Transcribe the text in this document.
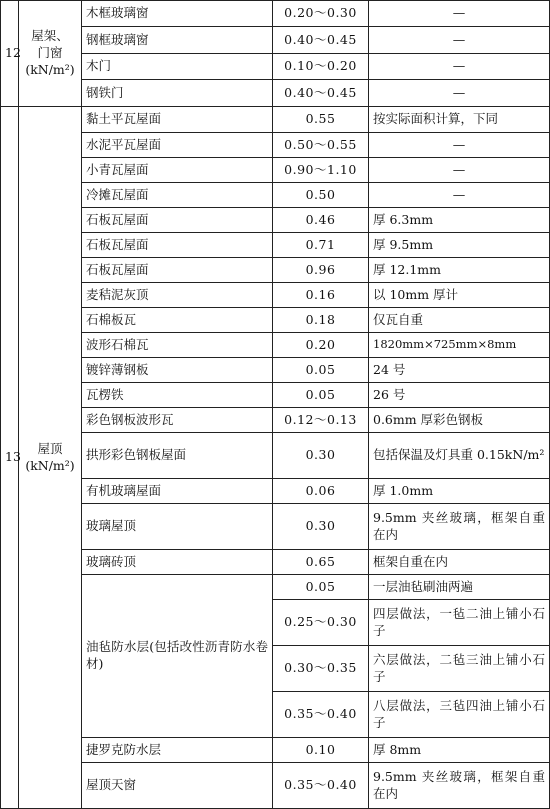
12	屋架、
门窗
(kN/m²)	木框玻璃窗	0.20～0.30	—
		钢框玻璃窗	0.40～0.45	—
		木门	0.10～0.20	—
		钢铁门	0.40～0.45	—
13	屋顶
(kN/m²)	黏土平瓦屋面	0.55	按实际面积计算，下同
		水泥平瓦屋面	0.50～0.55	—
		小青瓦屋面	0.90～1.10	—
		冷摊瓦屋面	0.50	—
		石板瓦屋面	0.46	厚 6.3mm
		石板瓦屋面	0.71	厚 9.5mm
		石板瓦屋面	0.96	厚 12.1mm
		麦秸泥灰顶	0.16	以 10mm 厚计
		石棉板瓦	0.18	仅瓦自重
		波形石棉瓦	0.20	1820mm×725mm×8mm
		镀锌薄钢板	0.05	24 号
		瓦楞铁	0.05	26 号
		彩色钢板波形瓦	0.12～0.13	0.6mm 厚彩色钢板
		拱形彩色钢板屋面	0.30	包括保温及灯具重 0.15kN/m²

		有机玻璃屋面	0.06	厚 1.0mm
		玻璃屋顶	0.30	9.5mm 夹丝玻璃，框架自重在内

		玻璃砖顶	0.65	框架自重在内

		油毡防水层(包括改性沥青防水卷材)	0.05	一层油毡刷油两遍
			0.25～0.30	四层做法，一毡二油上铺小石子

			0.30～0.35	六层做法，二毡三油上铺小石子

			0.35～0.40	八层做法，三毡四油上铺小石子

		捷罗克防水层	0.10	厚 8mm
		屋顶天窗	0.35～0.40	9.5mm 夹丝玻璃，框架自重在内
